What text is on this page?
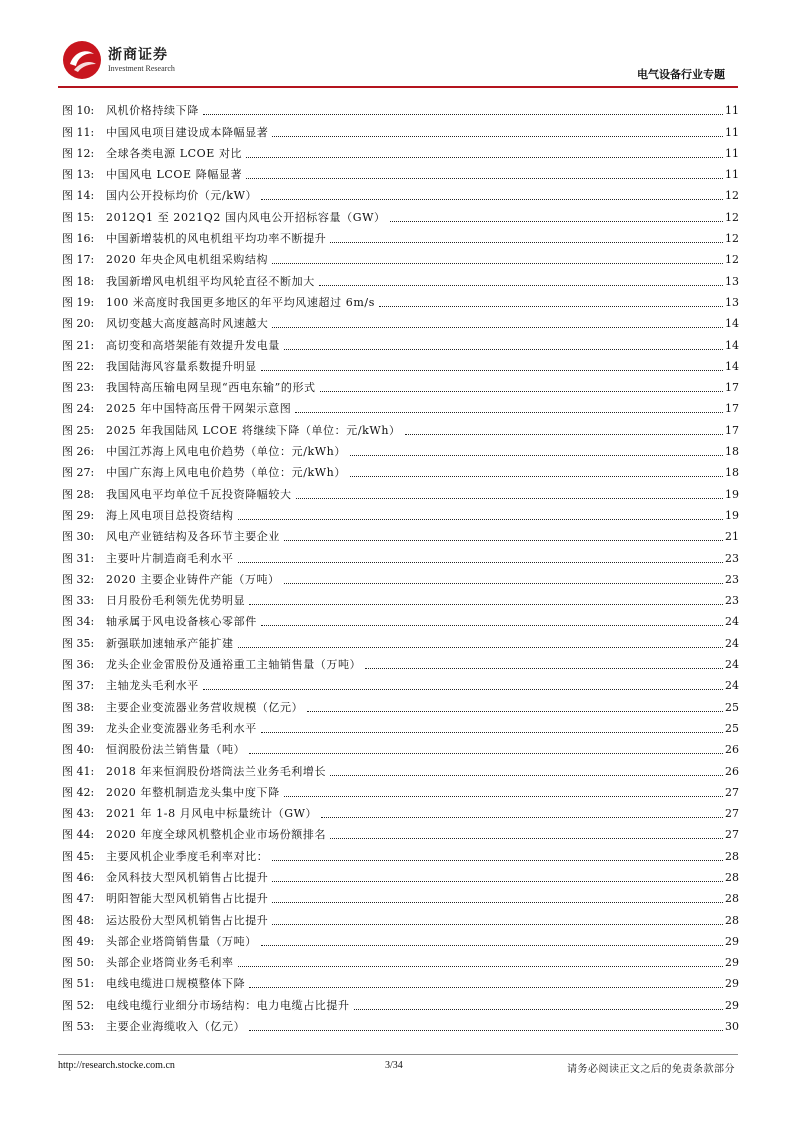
浙商证券
Investment Research	电气设备行业专题
图 10:	风机价格持续下降	11
图 11:	中国风电项目建设成本降幅显著	11
图 12:	全球各类电源 LCOE 对比	11
图 13:	中国风电 LCOE 降幅显著	11
图 14:	国内公开投标均价（元/kW）	12
图 15:	2012Q1 至 2021Q2 国内风电公开招标容量（GW）	12
图 16:	中国新增装机的风电机组平均功率不断提升	12
图 17:	2020 年央企风电机组采购结构	12
图 18:	我国新增风电机组平均风轮直径不断加大	13
图 19:	100 米高度时我国更多地区的年平均风速超过 6m/s	13
图 20:	风切变越大高度越高时风速越大	14
图 21:	高切变和高塔架能有效提升发电量	14
图 22:	我国陆海风容量系数提升明显	14
图 23:	我国特高压输电网呈现“西电东输”的形式	17
图 24:	2025 年中国特高压骨干网架示意图	17
图 25:	2025 年我国陆风 LCOE 将继续下降（单位：元/kWh）	17
图 26:	中国江苏海上风电电价趋势（单位：元/kWh）	18
图 27:	中国广东海上风电电价趋势（单位：元/kWh）	18
图 28:	我国风电平均单位千瓦投资降幅较大	19
图 29:	海上风电项目总投资结构	19
图 30:	风电产业链结构及各环节主要企业	21
图 31:	主要叶片制造商毛利水平	23
图 32:	2020 主要企业铸件产能（万吨）	23
图 33:	日月股份毛利领先优势明显	23
图 34:	轴承属于风电设备核心零部件	24
图 35:	新强联加速轴承产能扩建	24
图 36:	龙头企业金雷股份及通裕重工主轴销售量（万吨）	24
图 37:	主轴龙头毛利水平	24
图 38:	主要企业变流器业务营收规模（亿元）	25
图 39:	龙头企业变流器业务毛利水平	25
图 40:	恒润股份法兰销售量（吨）	26
图 41:	2018 年来恒润股份塔筒法兰业务毛利增长	26
图 42:	2020 年整机制造龙头集中度下降	27
图 43:	2021 年 1-8 月风电中标量统计（GW）	27
图 44:	2020 年度全球风机整机企业市场份额排名	27
图 45:	主要风机企业季度毛利率对比：	28
图 46:	金风科技大型风机销售占比提升	28
图 47:	明阳智能大型风机销售占比提升	28
图 48:	运达股份大型风机销售占比提升	28
图 49:	头部企业塔筒销售量（万吨）	29
图 50:	头部企业塔筒业务毛利率	29
图 51:	电线电缆进口规模整体下降	29
图 52:	电线电缆行业细分市场结构：电力电缆占比提升	29
图 53:	主要企业海缆收入（亿元）	30
http://research.stocke.com.cn	3/34	请务必阅读正文之后的免责条款部分
